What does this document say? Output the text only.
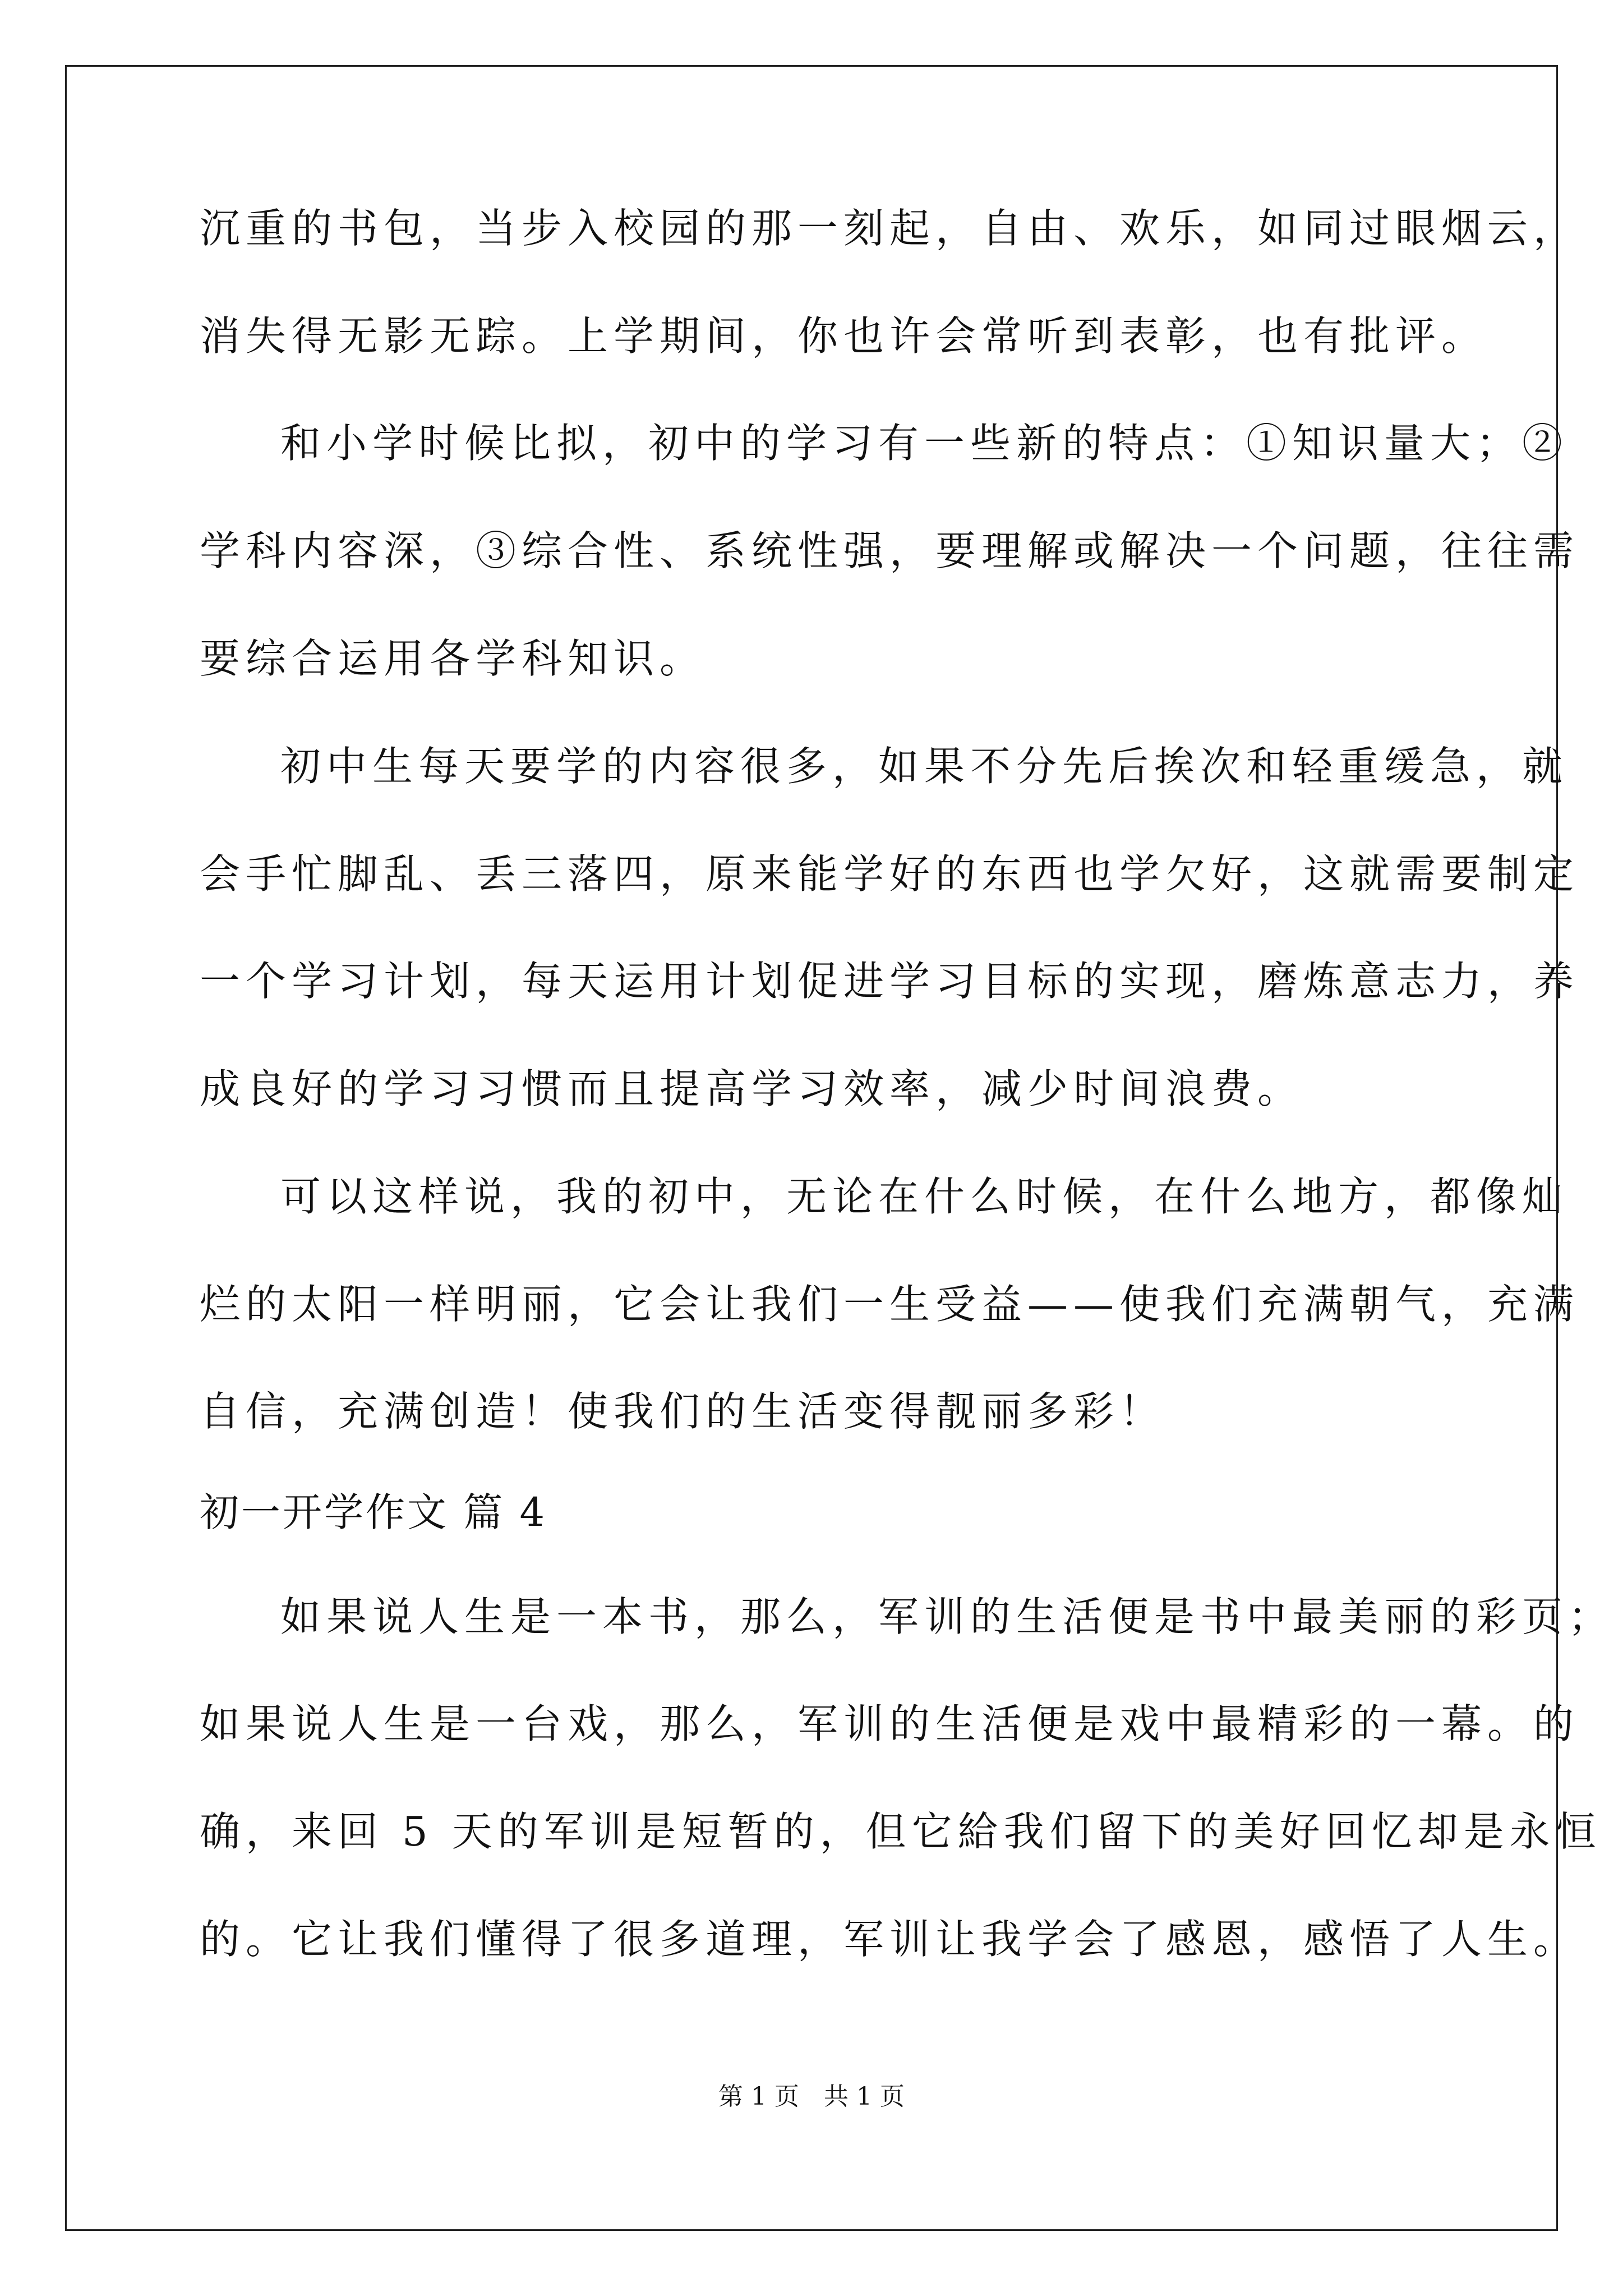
沉重的书包，当步入校园的那一刻起，自由、欢乐，如同过眼烟云，
消失得无影无踪。上学期间，你也许会常听到表彰，也有批评。
和小学时候比拟，初中的学习有一些新的特点：①知识量大；②
学科内容深，③综合性、系统性强，要理解或解决一个问题，往往需
要综合运用各学科知识。
初中生每天要学的内容很多，如果不分先后挨次和轻重缓急，就
会手忙脚乱、丢三落四，原来能学好的东西也学欠好，这就需要制定
一个学习计划，每天运用计划促进学习目标的实现，磨炼意志力，养
成良好的学习习惯而且提高学习效率，减少时间浪费。
可以这样说，我的初中，无论在什么时候，在什么地方，都像灿
烂的太阳一样明丽，它会让我们一生受益——使我们充满朝气，充满
自信，充满创造！使我们的生活变得靓丽多彩！
初一开学作文 篇 4
如果说人生是一本书，那么，军训的生活便是书中最美丽的彩页；
如果说人生是一台戏，那么，军训的生活便是戏中最精彩的一幕。的
确，来回 5 天的军训是短暂的，但它給我们留下的美好回忆却是永恒
的。它让我们懂得了很多道理，军训让我学会了感恩，感悟了人生。
第 1 页　共 1 页
